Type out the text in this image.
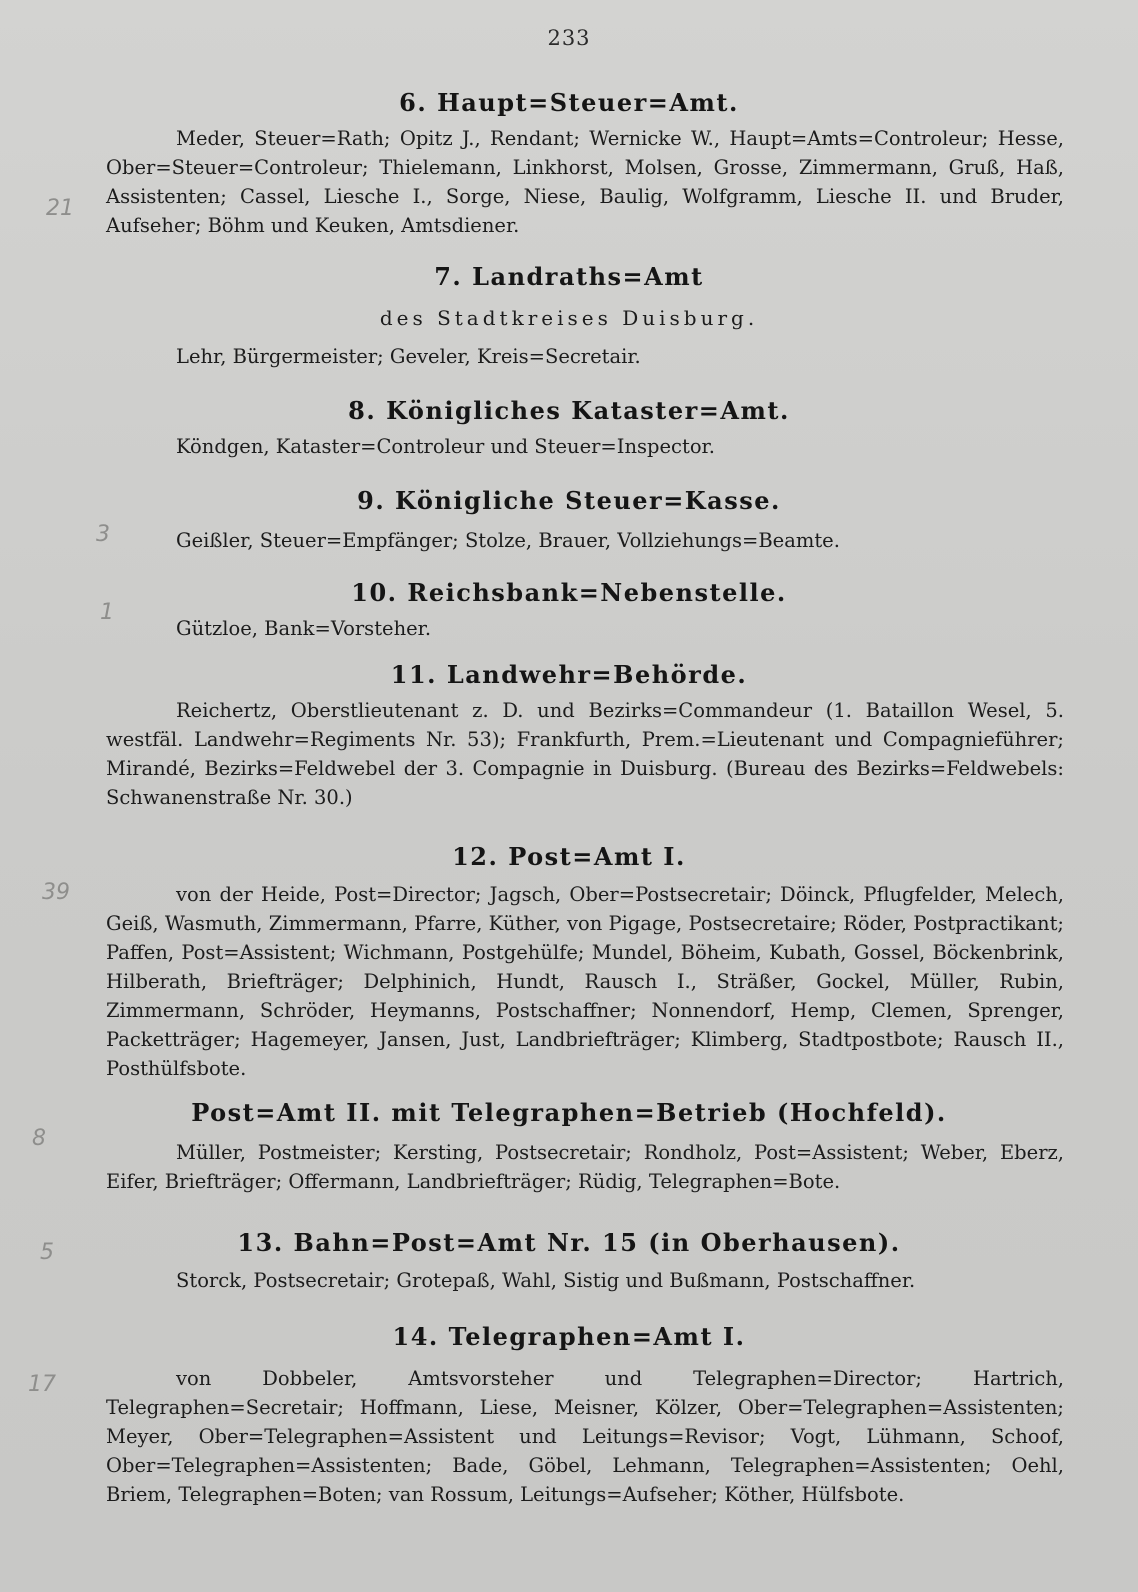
233
6. Haupt=Steuer=Amt.
Meder, Steuer=Rath; Opitz J., Rendant; Wernicke W., Haupt=Amts=Controleur; Hesse, Ober=Steuer=Controleur; Thielemann, Linkhorst, Molsen, Grosse, Zimmermann, Gruß, Haß, Assistenten; Cassel, Liesche I., Sorge, Niese, Baulig, Wolfgramm, Liesche II. und Bruder, Aufseher; Böhm und Keuken, Amtsdiener.
7. Landraths=Amt
des Stadtkreises Duisburg.
Lehr, Bürgermeister; Geveler, Kreis=Secretair.
8. Königliches Kataster=Amt.
Köndgen, Kataster=Controleur und Steuer=Inspector.
9. Königliche Steuer=Kasse.
Geißler, Steuer=Empfänger; Stolze, Brauer, Vollziehungs=Beamte.
10. Reichsbank=Nebenstelle.
Gützloe, Bank=Vorsteher.
11. Landwehr=Behörde.
Reichertz, Oberstlieutenant z. D. und Bezirks=Commandeur (1. Bataillon Wesel, 5. westfäl. Landwehr=Regiments Nr. 53); Frankfurth, Prem.=Lieutenant und Compagnieführer; Mirandé, Bezirks=Feldwebel der 3. Compagnie in Duisburg. (Bureau des Bezirks=Feldwebels: Schwanenstraße Nr. 30.)
12. Post=Amt I.
von der Heide, Post=Director; Jagsch, Ober=Postsecretair; Döinck, Pflugfelder, Melech, Geiß, Wasmuth, Zimmermann, Pfarre, Küther, von Pigage, Postsecretaire; Röder, Postpractikant; Paffen, Post=Assistent; Wichmann, Postgehülfe; Mundel, Böheim, Kubath, Gossel, Böckenbrink, Hilberath, Briefträger; Delphinich, Hundt, Rausch I., Sträßer, Gockel, Müller, Rubin, Zimmermann, Schröder, Heymanns, Postschaffner; Nonnendorf, Hemp, Clemen, Sprenger, Packetträger; Hagemeyer, Jansen, Just, Landbriefträger; Klimberg, Stadtpostbote; Rausch II., Posthülfsbote.
Post=Amt II. mit Telegraphen=Betrieb (Hochfeld).
Müller, Postmeister; Kersting, Postsecretair; Rondholz, Post=Assistent; Weber, Eberz, Eifer, Briefträger; Offermann, Landbriefträger; Rüdig, Telegraphen=Bote.
13. Bahn=Post=Amt Nr. 15 (in Oberhausen).
Storck, Postsecretair; Grotepaß, Wahl, Sistig und Bußmann, Postschaffner.
14. Telegraphen=Amt I.
von Dobbeler, Amtsvorsteher und Telegraphen=Director; Hartrich, Telegraphen=Secretair; Hoffmann, Liese, Meisner, Kölzer, Ober=Telegraphen=Assistenten; Meyer, Ober=Telegraphen=Assistent und Leitungs=Revisor; Vogt, Lühmann, Schoof, Ober=Telegraphen=Assistenten; Bade, Göbel, Lehmann, Telegraphen=Assistenten; Oehl, Briem, Telegraphen=Boten; van Rossum, Leitungs=Aufseher; Köther, Hülfsbote.
21
3
1
39
8
5
17
